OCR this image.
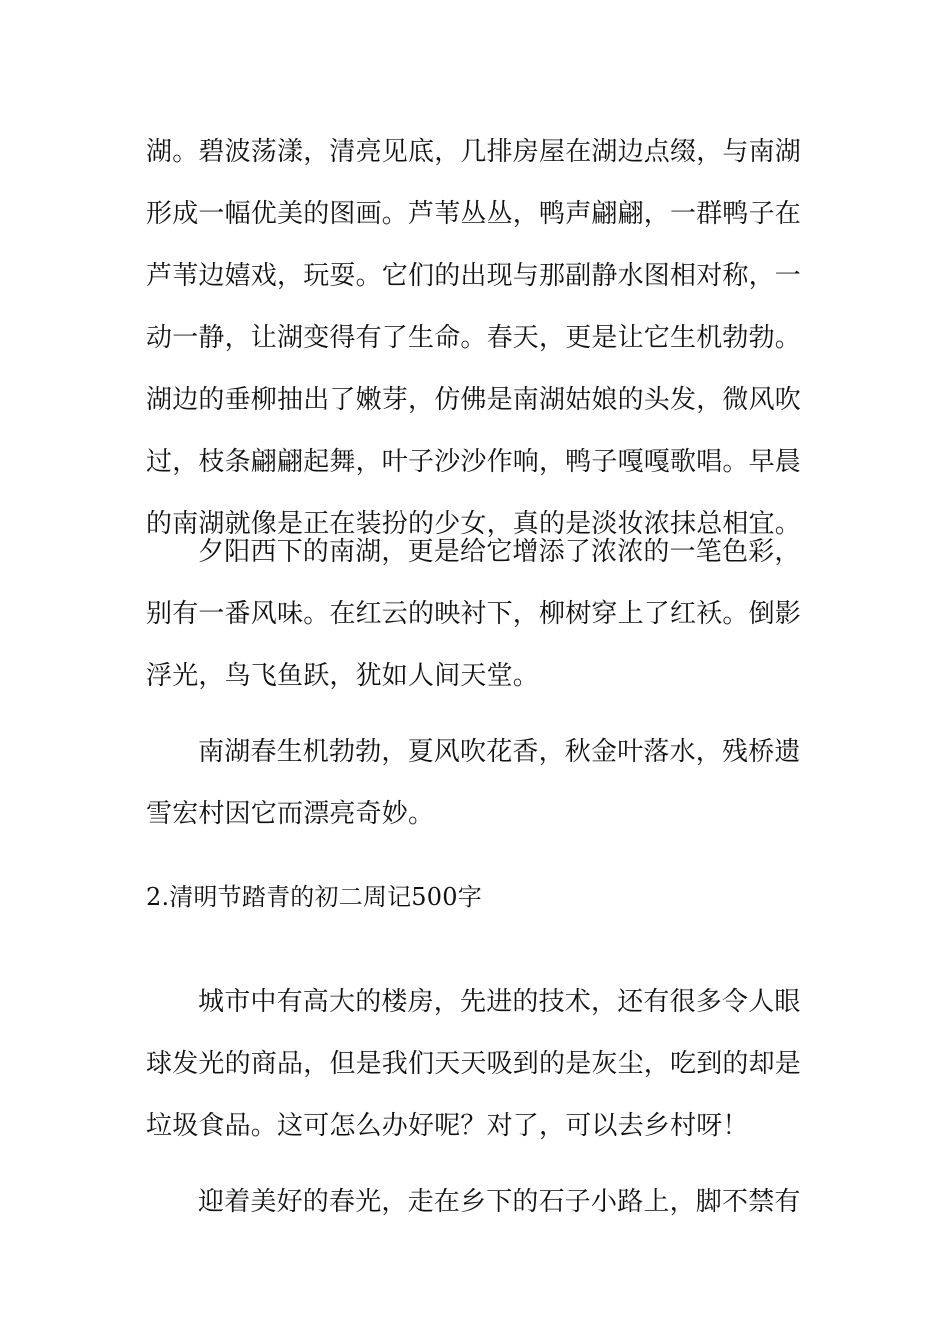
湖。碧波荡漾，清亮见底，几排房屋在湖边点缀，与南湖形成一幅优美的图画。芦苇丛丛，鸭声翩翩，一群鸭子在芦苇边嬉戏，玩耍。它们的出现与那副静水图相对称，一动一静，让湖变得有了生命。春天，更是让它生机勃勃。湖边的垂柳抽出了嫩芽，仿佛是南湖姑娘的头发，微风吹过，枝条翩翩起舞，叶子沙沙作响，鸭子嘎嘎歌唱。早晨的南湖就像是正在装扮的少女，真的是淡妆浓抹总相宜。

夕阳西下的南湖，更是给它增添了浓浓的一笔色彩，别有一番风味。在红云的映衬下，柳树穿上了红袄。倒影浮光，鸟飞鱼跃，犹如人间天堂。

南湖春生机勃勃，夏风吹花香，秋金叶落水，残桥遗雪宏村因它而漂亮奇妙。

2.清明节踏青的初二周记500字

城市中有高大的楼房，先进的技术，还有很多令人眼球发光的商品，但是我们天天吸到的是灰尘，吃到的却是垃圾食品。这可怎么办好呢？对了，可以去乡村呀！

迎着美好的春光，走在乡下的石子小路上，脚不禁有
